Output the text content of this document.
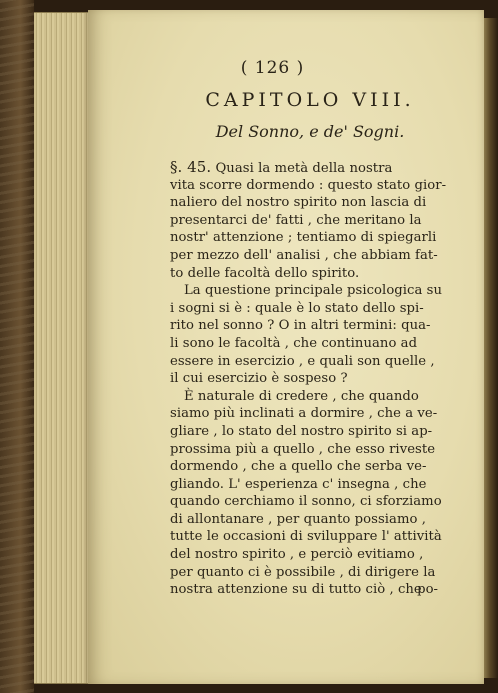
( 126 )
CAPITOLO VIII.
Del Sonno, e de' Sogni.
§. 45. Quasi la metà della nostra
vita scorre dormendo : questo stato gior-
naliero del nostro spirito non lascia di
presentarci de' fatti , che meritano la
nostr' attenzione ; tentiamo di spiegarli
per mezzo dell' analisi , che abbiam fat-
to delle facoltà dello spirito.
La questione principale psicologica su
i sogni si è : quale è lo stato dello spi-
rito nel sonno ? O in altri termini: qua-
li sono le facoltà , che continuano ad
essere in esercizio , e quali son quelle ,
il cui esercizio è sospeso ?
È naturale di credere , che quando
siamo più inclinati a dormire , che a ve-
gliare , lo stato del nostro spirito si ap-
prossima più a quello , che esso riveste
dormendo , che a quello che serba ve-
gliando. L' esperienza c' insegna , che
quando cerchiamo il sonno, ci sforziamo
di allontanare , per quanto possiamo ,
tutte le occasioni di sviluppare l' attività
del nostro spirito , e perciò evitiamo ,
per quanto ci è possibile , di dirigere la
nostra attenzione su di tutto ciò , che
po-
